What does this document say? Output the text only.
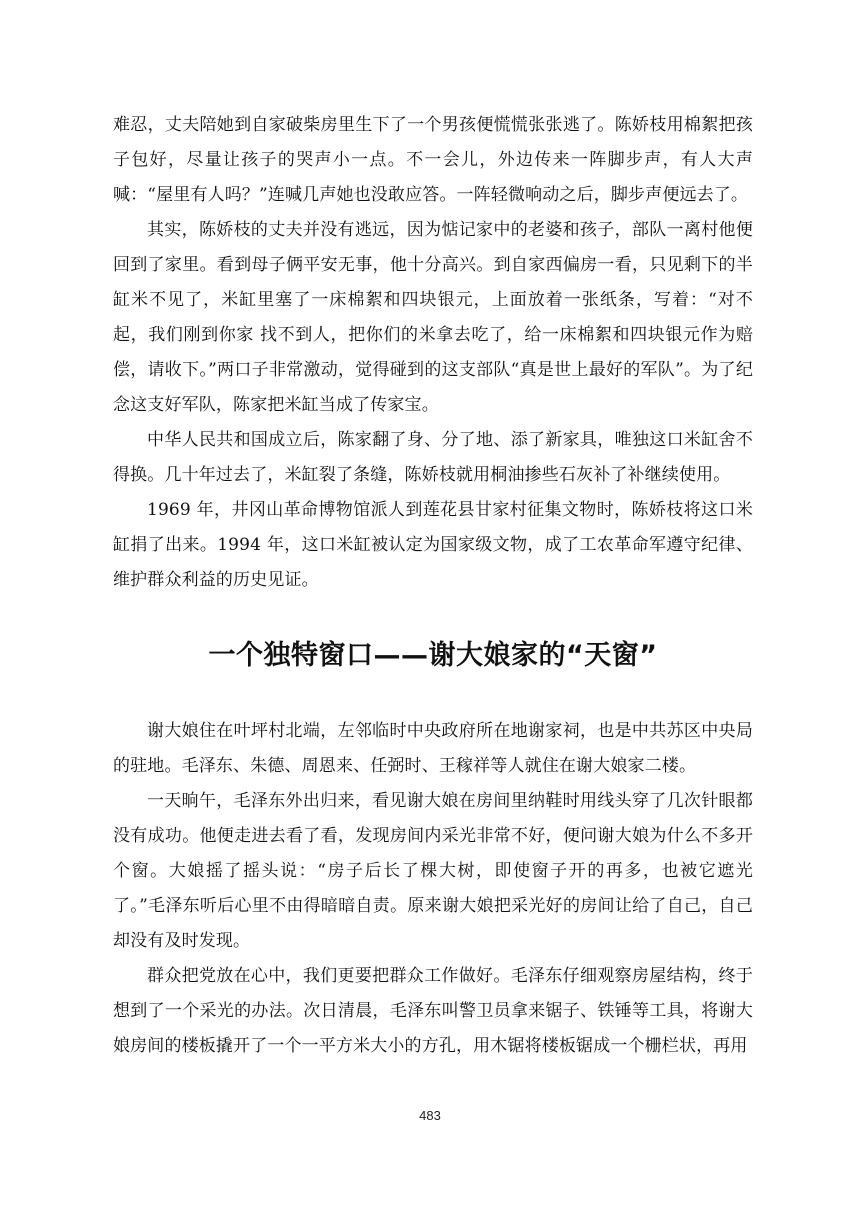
难忍，丈夫陪她到自家破柴房里生下了一个男孩便慌慌张张逃了。陈娇枝用棉絮把孩子包好，尽量让孩子的哭声小一点。不一会儿，外边传来一阵脚步声，有人大声喊：“屋里有人吗？”连喊几声她也没敢应答。一阵轻微响动之后，脚步声便远去了。

其实，陈娇枝的丈夫并没有逃远，因为惦记家中的老婆和孩子，部队一离村他便回到了家里。看到母子俩平安无事，他十分高兴。到自家西偏房一看，只见剩下的半缸米不见了，米缸里塞了一床棉絮和四块银元，上面放着一张纸条，写着：“对不起，我们刚到你家 找不到人，把你们的米拿去吃了，给一床棉絮和四块银元作为赔偿，请收下。”两口子非常激动，觉得碰到的这支部队“真是世上最好的军队”。为了纪念这支好军队，陈家把米缸当成了传家宝。

中华人民共和国成立后，陈家翻了身、分了地、添了新家具，唯独这口米缸舍不得换。几十年过去了，米缸裂了条缝，陈娇枝就用桐油掺些石灰补了补继续使用。

1969 年，井冈山革命博物馆派人到莲花县甘家村征集文物时，陈娇枝将这口米缸捐了出来。1994 年，这口米缸被认定为国家级文物，成了工农革命军遵守纪律、维护群众利益的历史见证。

一个独特窗口——谢大娘家的“天窗”

谢大娘住在叶坪村北端，左邻临时中央政府所在地谢家祠，也是中共苏区中央局的驻地。毛泽东、朱德、周恩来、任弼时、王稼祥等人就住在谢大娘家二楼。

一天晌午，毛泽东外出归来，看见谢大娘在房间里纳鞋时用线头穿了几次针眼都没有成功。他便走进去看了看，发现房间内采光非常不好，便问谢大娘为什么不多开个窗。大娘摇了摇头说：“房子后长了棵大树，即使窗子开的再多，也被它遮光了。”毛泽东听后心里不由得暗暗自责。原来谢大娘把采光好的房间让给了自己，自己却没有及时发现。

群众把党放在心中，我们更要把群众工作做好。毛泽东仔细观察房屋结构，终于想到了一个采光的办法。次日清晨，毛泽东叫警卫员拿来锯子、铁锤等工具，将谢大娘房间的楼板撬开了一个一平方米大小的方孔，用木锯将楼板锯成一个栅栏状，再用

483
